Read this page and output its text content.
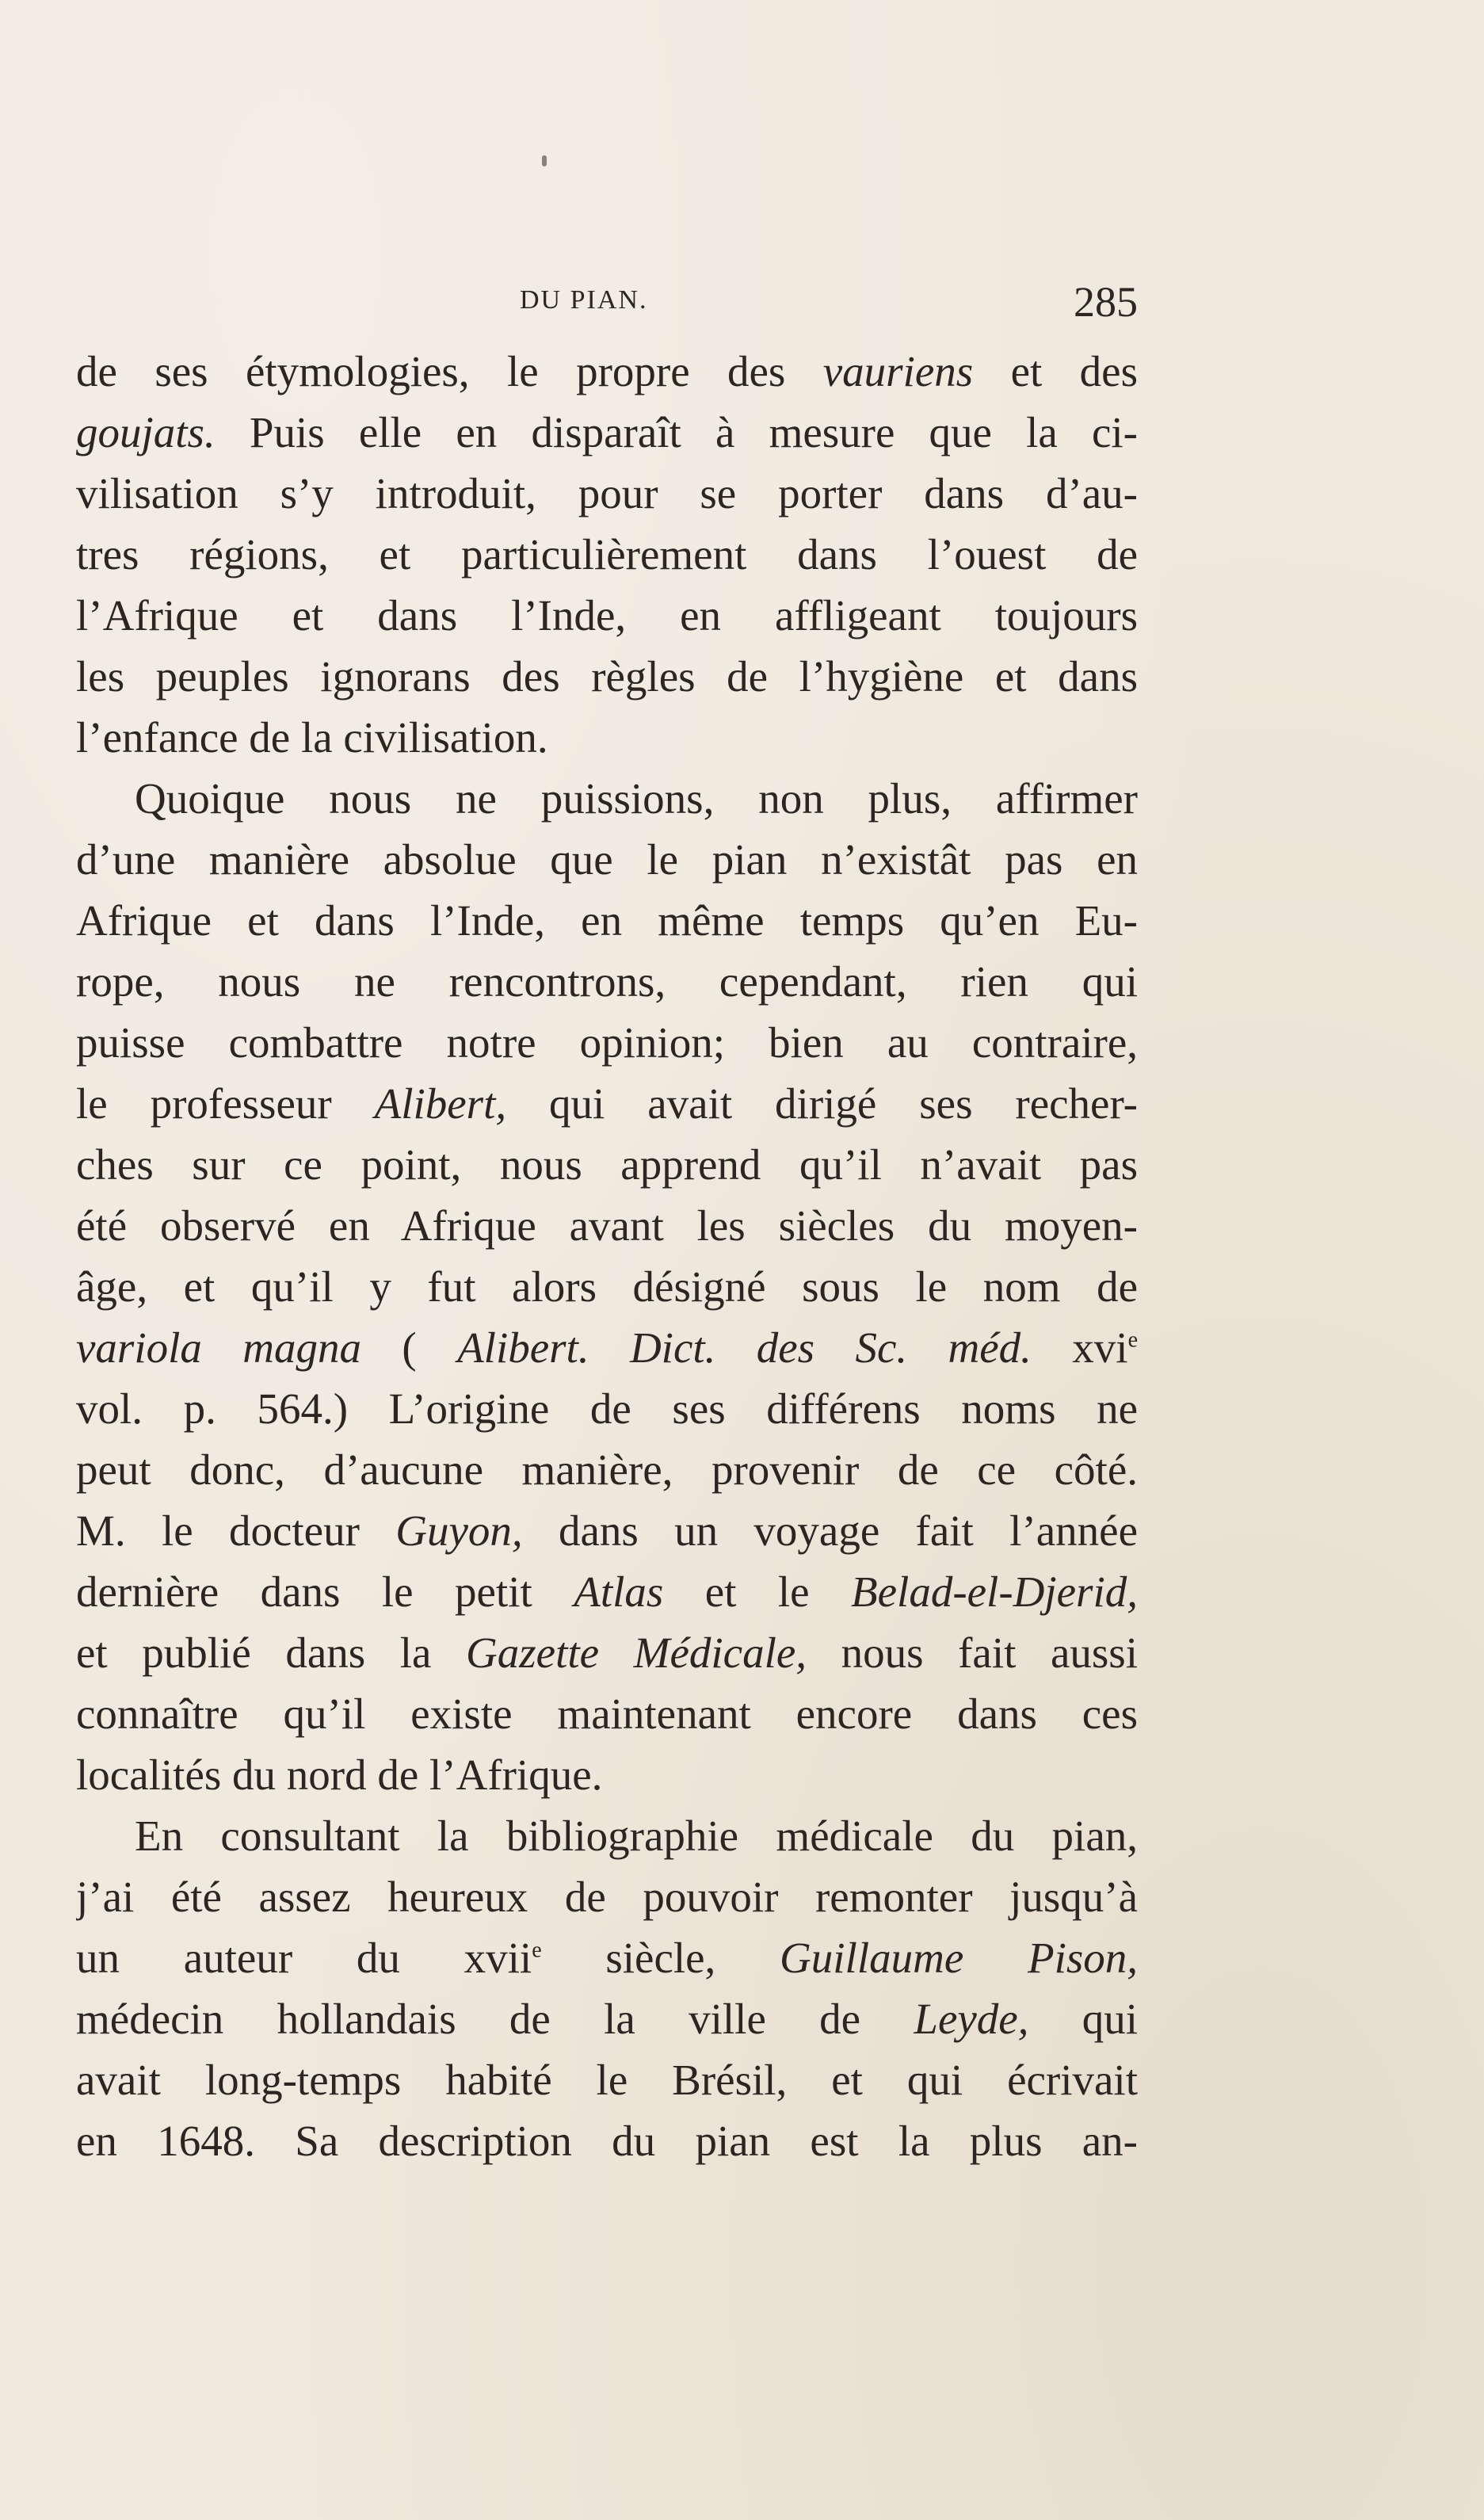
DU PIAN.	285
de ses étymologies, le propre des vauriens et des
goujats. Puis elle en disparaît à mesure que la ci-
vilisation s’y introduit, pour se porter dans d’au-
tres régions, et particulièrement dans l’ouest de
l’Afrique et dans l’Inde, en affligeant toujours
les peuples ignorans des règles de l’hygiène et dans
l’enfance de la civilisation.
Quoique nous ne puissions, non plus, affirmer
d’une manière absolue que le pian n’existât pas en
Afrique et dans l’Inde, en même temps qu’en Eu-
rope, nous ne rencontrons, cependant, rien qui
puisse combattre notre opinion; bien au contraire,
le professeur Alibert, qui avait dirigé ses recher-
ches sur ce point, nous apprend qu’il n’avait pas
été observé en Afrique avant les siècles du moyen-
âge, et qu’il y fut alors désigné sous le nom de
variola magna ( Alibert. Dict. des Sc. méd. xvi$^e$
vol. p. 564.) L’origine de ses différens noms ne
peut donc, d’aucune manière, provenir de ce côté.
M. le docteur Guyon, dans un voyage fait l’année
dernière dans le petit Atlas et le Belad-el-Djerid,
et publié dans la Gazette Médicale, nous fait aussi
connaître qu’il existe maintenant encore dans ces
localités du nord de l’Afrique.
En consultant la bibliographie médicale du pian,
j’ai été assez heureux de pouvoir remonter jusqu’à
un auteur du xvii$^e$ siècle, Guillaume Pison,
médecin hollandais de la ville de Leyde, qui
avait long-temps habité le Brésil, et qui écrivait
en 1648. Sa description du pian est la plus an-
